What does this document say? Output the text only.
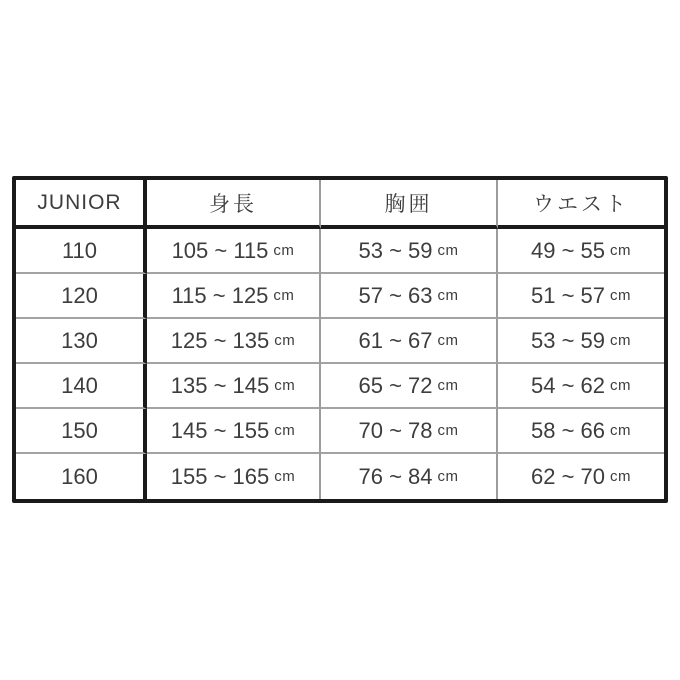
JUNIOR	身長	胸囲	ウエスト
110	105 ~ 115 cm	53 ~ 59 cm	49 ~ 55 cm
120	115 ~ 125 cm	57 ~ 63 cm	51 ~ 57 cm
130	125 ~ 135 cm	61 ~ 67 cm	53 ~ 59 cm
140	135 ~ 145 cm	65 ~ 72 cm	54 ~ 62 cm
150	145 ~ 155 cm	70 ~ 78 cm	58 ~ 66 cm
160	155 ~ 165 cm	76 ~ 84 cm	62 ~ 70 cm
